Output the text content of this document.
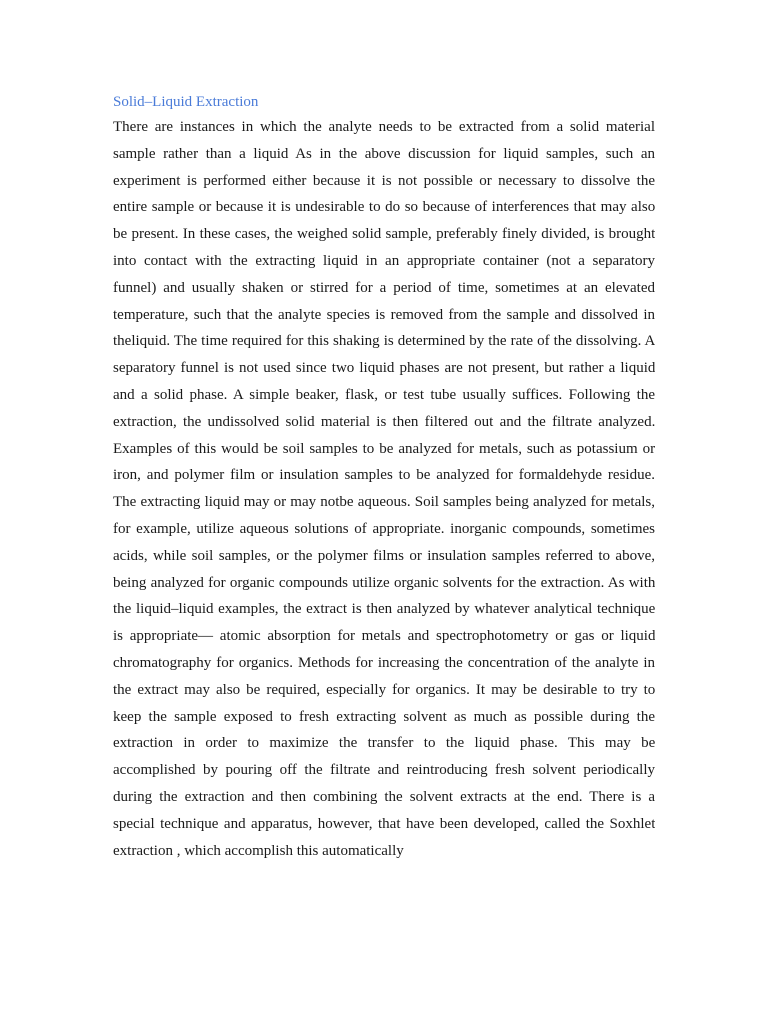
Solid–Liquid Extraction
There are instances in which the analyte needs to be extracted from a solid material
sample rather than a liquid As in the above discussion for liquid samples, such an
experiment is performed either because it is not possible or necessary to dissolve the
entire sample or because it is undesirable to do so because of interferences that may also
be present. In these cases, the weighed solid sample, preferably finely divided, is brought
into contact with the extracting liquid in an appropriate container (not a separatory
funnel) and usually shaken or stirred for a period of time, sometimes at an elevated
temperature, such that the analyte species is removed from the sample and dissolved in
theliquid. The time required for this shaking is determined by the rate of the dissolving. A
separatory funnel is not used since two liquid phases are not present, but rather a liquid
and a solid phase. A simple beaker, flask, or test tube usually suffices. Following the
extraction, the undissolved solid material is then filtered out and the filtrate analyzed.
Examples of this would be soil samples to be analyzed for metals, such as potassium or
iron, and polymer film or insulation samples to be analyzed for formaldehyde residue.
The extracting liquid may or may notbe aqueous. Soil samples being analyzed for metals,
for example, utilize aqueous solutions of appropriate. inorganic compounds, sometimes
acids, while soil samples, or the polymer films or insulation samples referred to above,
being analyzed for organic compounds utilize organic solvents for the extraction. As with
the liquid–liquid examples, the extract is then analyzed by whatever analytical technique
is appropriate— atomic absorption for metals and spectrophotometry or gas or liquid
chromatography for organics. Methods for increasing the concentration of the analyte in
the extract may also be required, especially for organics. It may be desirable to try to
keep the sample exposed to fresh extracting solvent as much as possible during the
extraction in order to maximize the transfer to the liquid phase. This may be
accomplished by pouring off the filtrate and reintroducing fresh solvent periodically
during the extraction and then combining the solvent extracts at the end. There is a
special technique and apparatus, however, that have been developed, called the Soxhlet
extraction , which accomplish this automatically
